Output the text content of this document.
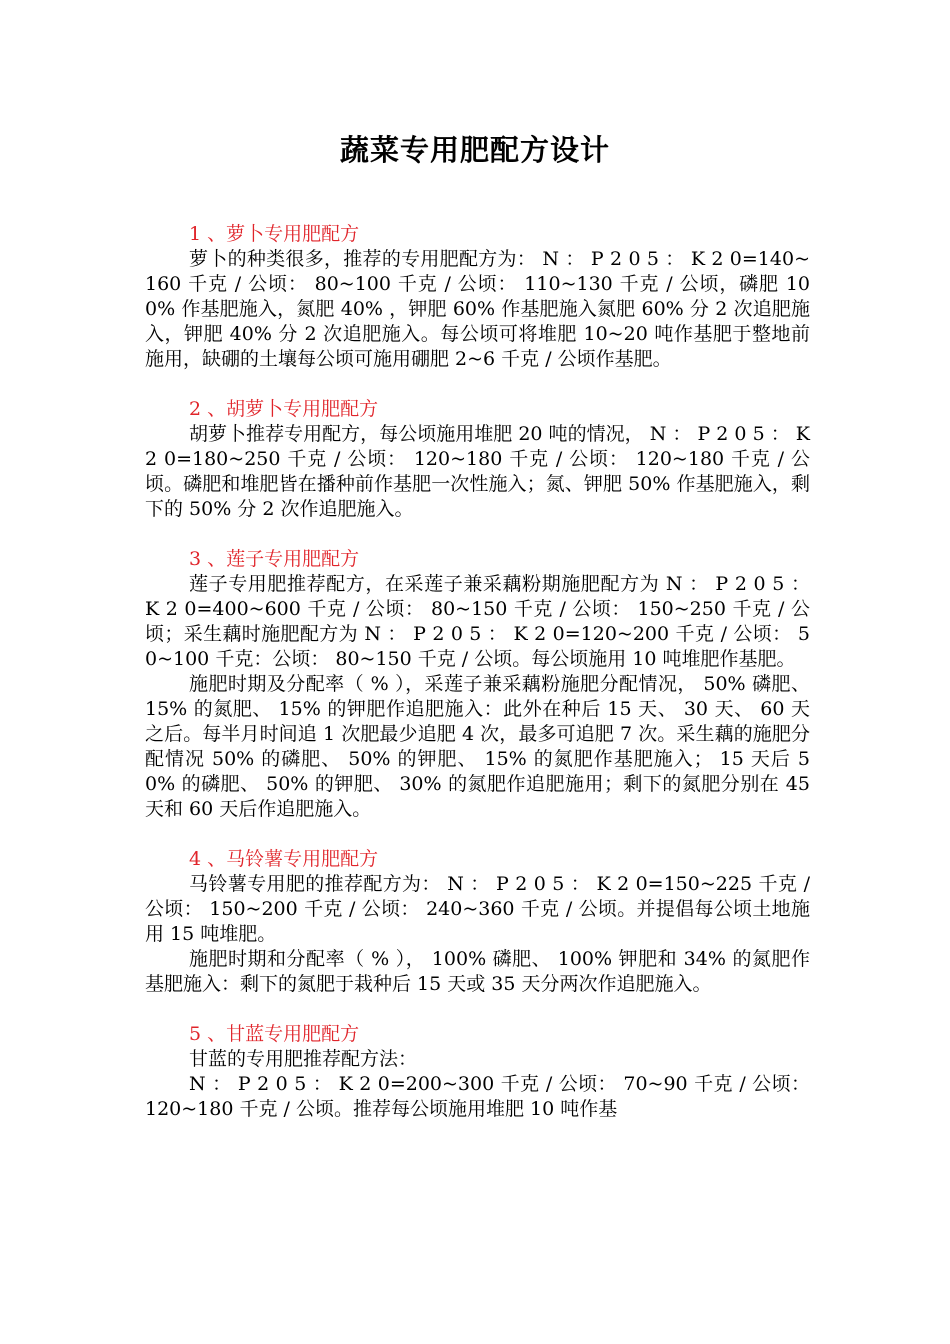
蔬菜专用肥配方设计
1 、萝卜专用肥配方

萝卜的种类很多，推荐的专用肥配方为： N ： P 2 0 5 ： K 2 0=140~160 千克 / 公顷： 80~100 千克 / 公顷： 110~130 千克 / 公顷，磷肥 100% 作基肥施入，氮肥 40% ，钾肥 60% 作基肥施入氮肥 60% 分 2 次追肥施入，钾肥 40% 分 2 次追肥施入。每公顷可将堆肥 10~20 吨作基肥于整地前施用，缺硼的土壤每公顷可施用硼肥 2~6 千克 / 公顷作基肥。

2 、胡萝卜专用肥配方

胡萝卜推荐专用配方，每公顷施用堆肥 20 吨的情况， N ： P 2 0 5 ： K 2 0=180~250 千克 / 公顷： 120~180 千克 / 公顷： 120~180 千克 / 公顷。磷肥和堆肥皆在播种前作基肥一次性施入；氮、钾肥 50% 作基肥施入，剩下的 50% 分 2 次作追肥施入。

3 、莲子专用肥配方

莲子专用肥推荐配方，在采莲子兼采藕粉期施肥配方为 N ： P 2 0 5 ： K 2 0=400~600 千克 / 公顷： 80~150 千克 / 公顷： 150~250 千克 / 公顷；采生藕时施肥配方为 N ： P 2 0 5 ： K 2 0=120~200 千克 / 公顷： 50~100 千克：公顷： 80~150 千克 / 公顷。每公顷施用 10 吨堆肥作基肥。

施肥时期及分配率（ % ），采莲子兼采藕粉施肥分配情况， 50% 磷肥、 15% 的氮肥、 15% 的钾肥作追肥施入：此外在种后 15 天、 30 天、 60 天之后。每半月时间追 1 次肥最少追肥 4 次，最多可追肥 7 次。采生藕的施肥分配情况 50% 的磷肥、 50% 的钾肥、 15% 的氮肥作基肥施入； 15 天后 50% 的磷肥、 50% 的钾肥、 30% 的氮肥作追肥施用；剩下的氮肥分别在 45 天和 60 天后作追肥施入。

4 、马铃薯专用肥配方

马铃薯专用肥的推荐配方为： N ： P 2 0 5 ： K 2 0=150~225 千克 / 公顷： 150~200 千克 / 公顷： 240~360 千克 / 公顷。并提倡每公顷土地施用 15 吨堆肥。

施肥时期和分配率（ % ）， 100% 磷肥、 100% 钾肥和 34% 的氮肥作基肥施入：剩下的氮肥于栽种后 15 天或 35 天分两次作追肥施入。

5 、甘蓝专用肥配方

甘蓝的专用肥推荐配方法：

N ： P 2 0 5 ： K 2 0=200~300 千克 / 公顷： 70~90 千克 / 公顷： 120~180 千克 / 公顷。推荐每公顷施用堆肥 10 吨作基
